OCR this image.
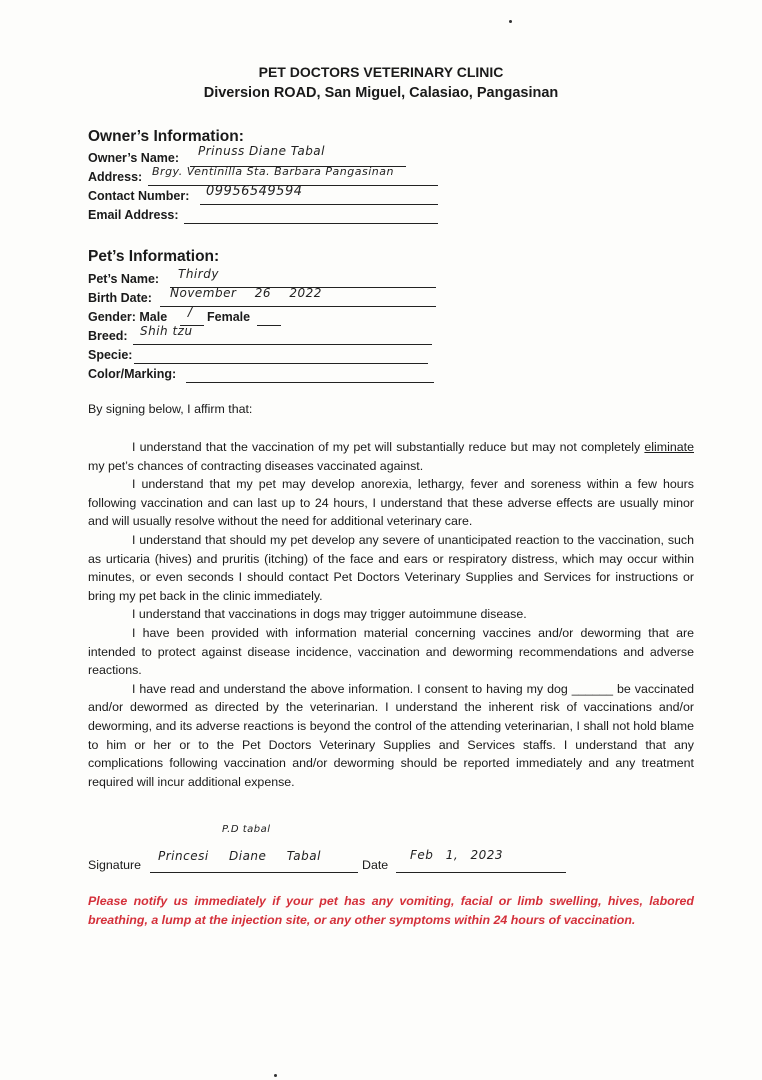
PET DOCTORS VETERINARY CLINIC
Diversion ROAD, San Miguel, Calasiao, Pangasinan
Owner’s Information:
Owner’s Name: Prinuss Diane Tabal
Address: Brgy. Ventinilla Sta. Barbara Pangasinan
Contact Number: 09956549594
Email Address:
Pet’s Information:
Pet’s Name: Thirdy
Birth Date: November 26 2022
Gender: Male / Female
Breed: Shih tzu
Specie:
Color/Marking:
By signing below, I affirm that:

I understand that the vaccination of my pet will substantially reduce but may not completely eliminate my pet’s chances of contracting diseases vaccinated against.

I understand that my pet may develop anorexia, lethargy, fever and soreness within a few hours following vaccination and can last up to 24 hours, I understand that these adverse effects are usually minor and will usually resolve without the need for additional veterinary care.

I understand that should my pet develop any severe of unanticipated reaction to the vaccination, such as urticaria (hives) and pruritis (itching) of the face and ears or respiratory distress, which may occur within minutes, or even seconds I should contact Pet Doctors Veterinary Supplies and Services for instructions or bring my pet back in the clinic immediately.

I understand that vaccinations in dogs may trigger autoimmune disease.

I have been provided with information material concerning vaccines and/or deworming that are intended to protect against disease incidence, vaccination and deworming recommendations and adverse reactions.

I have read and understand the above information. I consent to having my dog ______ be vaccinated and/or dewormed as directed by the veterinarian. I understand the inherent risk of vaccinations and/or deworming, and its adverse reactions is beyond the control of the attending veterinarian, I shall not hold blame to him or her or to the Pet Doctors Veterinary Supplies and Services staffs. I understand that any complications following vaccination and/or deworming should be reported immediately and any treatment required will incur additional expense.

P.D tabal
Signature
Princesi Diane Tabal
Date
Feb 1, 2023
Please notify us immediately if your pet has any vomiting, facial or limb swelling, hives, labored breathing, a lump at the injection site, or any other symptoms within 24 hours of vaccination.
